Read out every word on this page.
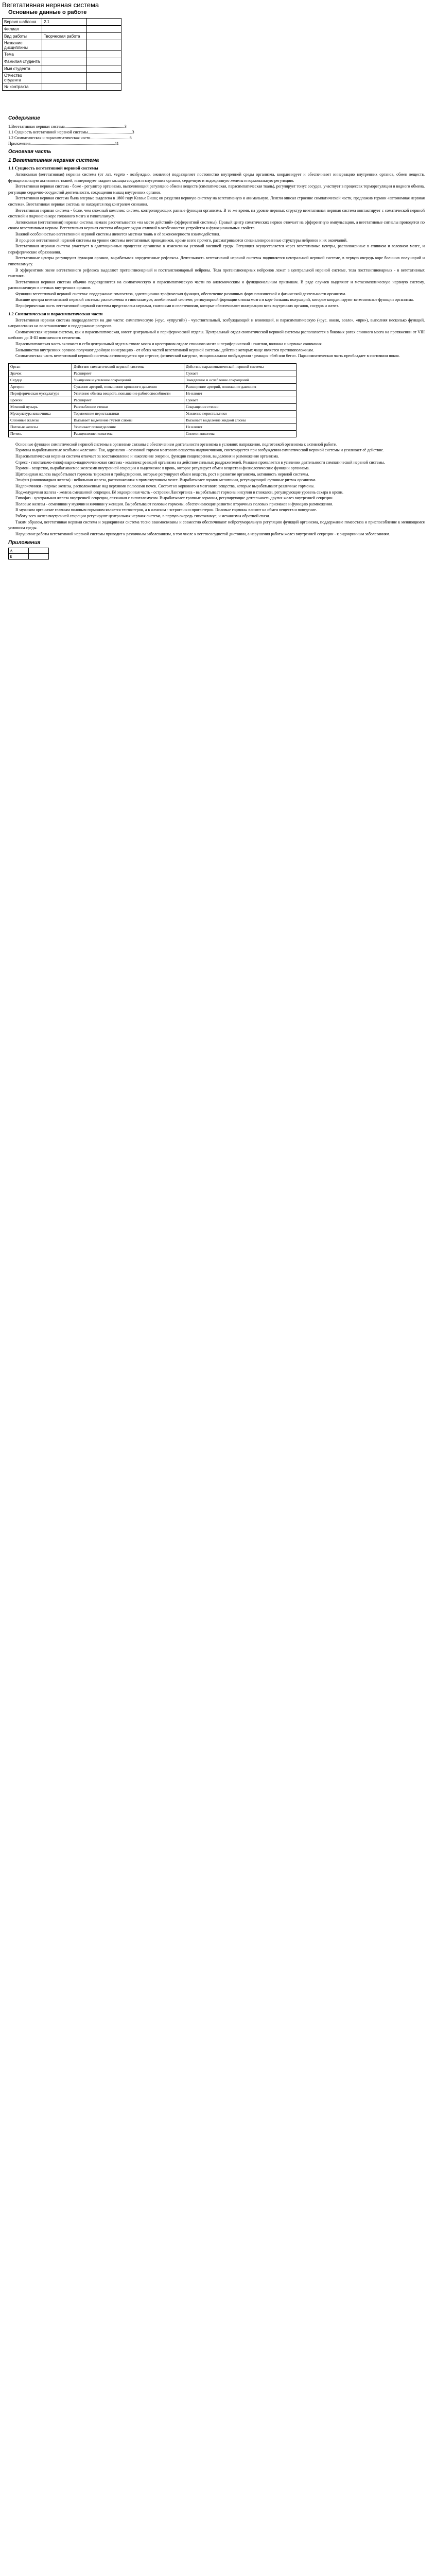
Вегетативная нервная система
Основные данные о работе
Версия шаблона	2.1	
Филиал		
Вид работы	Творческая работа	
Название дисциплины		
Тема		
Фамилия студента		
Имя студента		
Отчество студента		
№ контракта		
Содержание
1.Вегетативная нервная система..........................................................3
1.1 Сущность вегетативной нервной системы...........................................3
1.2 Симпатическая и парасимпатическая части......................................6
Приложения..................................................................................11
Основная часть
1 Вегетативная нервная система
1.1 Сущность вегетативной нервной системы

Автономная (вегетативная) нервная система (от лат. vegeto - возбуждаю, оживляю) подразделяет постоянство внутренней среды организма, координирует и обеспечивает иннервацию внутренних органов, обмен веществ, функциональную активность тканей, иннервирует гладкие мышцы сосудов и внутренних органов, сердечную и эндокринную железы и гормональную регуляцию.

Вегетативная нервная система - боже - регулятор организма, выполняющий регуляцию обмена веществ (симпатическая, парасимпатическая ткань), регулирует тонус сосудов, участвует в процессах терморегуляции и водного обмена, регуляции сердечно-сосудистой деятельности, сокращения мышц внутренних органов.

Вегетативная нервная система была впервые выделена в 1800 году Ксавье Биша; он разделил нервную систему на вегетативную и анимальную. Ленгли описал строение симпатической части, предложив термин «автономная нервная система». Вегетативная нервная система не находится под контролем сознания.

Вегетативная нервная система - боже, чем сложный комплекс систем, контролирующих разные функции организма. В то же время, на уровне нервных структур вегетативная нервная система контактирует с соматической нервной системой и подчинена коре головного мозга и гипоталамусу.

Автономная (вегетативная) нервная система немало рассчитывается «на месте действий» (эфферентной системы). Правый центр соматических нервов отвечает на эфферентную импульсацию, а вегетативные сигналы проводятся по своим вегетативным нервам. Вегетативная нервная система обладает рядом отличий в особенностях устройства и функциональных свойств.

Важной особенностью вегетативной нервной системы является местная ткань и её закономерности взаимодействия.

В процессе вегетативной нервной системы на уровне системы вегетативных проводников, кроме всего прочего, рассматриваются специализированные структуры нейронов и их окончаний.

Вегетативная нервная система участвует в адаптационных процессах организма к изменениям условий внешней среды. Регуляция осуществляется через вегетативные центры, расположенные в спинном и головном мозге, и периферические образования.

Вегетативные центры регулируют функции органов, вырабатывая определенные рефлексы. Деятельность вегетативной нервной системы подчиняется центральной нервной системе, в первую очередь коре больших полушарий и гипоталамусу.

В эфферентном звене вегетативного рефлекса выделяют преганглионарный и постганглионарный нейроны. Тела преганглионарных нейронов лежат в центральной нервной системе, тела постганглионарных - в вегетативных ганглиях.

Вегетативная нервная система обычно подразделяется на симпатическую и парасимпатическую части по анатомическим и функциональным признакам. В ряде случаев выделяют и метасимпатическую нервную систему, расположенную в стенках внутренних органов.

Функции вегетативной нервной системы: поддержание гомеостаза, адаптационно-трофическая функция, обеспечение различных форм психической и физической деятельности организма.

Высшие центры вегетативной нервной системы расположены в гипоталамусе, лимбической системе, ретикулярной формации ствола мозга и коре больших полушарий, которые координируют вегетативные функции организма.

Периферическая часть вегетативной нервной системы представлена нервами, ганглиями и сплетениями, которые обеспечивают иннервацию всех внутренних органов, сосудов и желез.

1.2 Симпатическая и парасимпатическая части

Вегетативная нервная система подразделяется на две части: симпатическую («рус. «упругий») - чувствительный, возбуждающий и влияющий, и парасимпатическую («рус. около, возле», «при»), выполняя несколько функций, направленных на восстановление и поддержание ресурсов.

Симпатическая нервная система, как и парасимпатическая, имеет центральный и периферический отделы. Центральный отдел симпатической нервной системы располагается в боковых рогах спинного мозга на протяжении от VIII шейного до II-III поясничного сегментов.

Парасимпатическая часть включает в себя центральный отдел в стволе мозга и крестцовом отделе спинного мозга и периферический - ганглии, волокна и нервные окончания.

Большинство внутренних органов получают двойную иннервацию - от обеих частей вегетативной нервной системы, действие которых чаще является противоположным.

Симпатическая часть вегетативной нервной системы активизируется при стрессе, физической нагрузке, эмоциональном возбуждении - реакция «бей или беги». Парасимпатическая часть преобладает в состоянии покоя.

Орган	Действие симпатической нервной системы	Действие парасимпатической нервной системы
Зрачок	Расширяет	Сужает
Сердце	Учащение и усиление сокращений	Замедление и ослабление сокращений
Артерии	Сужение артерий, повышение кровяного давления	Расширение артерий, понижение давления
Периферическая мускулатура	Усиление обмена веществ, повышение работоспособности	Не влияет
Бронхи	Расширяет	Сужает
Мочевой пузырь	Расслабление стенки	Сокращение стенки
Мускулатура кишечника	Торможение перистальтики	Усиление перистальтики
Слюнные железы	Вызывает выделение густой слюны	Вызывает выделение жидкой слюны
Потовые железы	Усиливает потоотделение	Не влияет
Печень	Расщепление гликогена	Синтез гликогена

Основные функции симпатической нервной системы в организме связаны с обеспечением деятельности организма в условиях напряжения, подготовкой организма к активной работе.

Гормоны вырабатываемые особыми железами. Так, адреналин - основной гормон мозгового вещества надпочечников, синтезируется при возбуждении симпатической нервной системы и усиливает её действие.

Парасимпатическая нервная система отвечает за восстановление и накопление энергии, функции пищеварения, выделения и размножения организма.

Стресс - гипоталамо-гипофизарно-надпочечниковая система - комплекс реакций организма на действие сильных раздражителей. Реакция проявляется в усилении деятельности симпатической нервной системы.

Гормон - вещество, вырабатываемое железами внутренней секреции и выделяемое в кровь, которое регулирует обмен веществ и физиологические функции организма.

Щитовидная железа вырабатывает гормоны тироксин и трийодтиронин, которые регулируют обмен веществ, рост и развитие организма, активность нервной системы.

Эпифиз (шишковидная железа) - небольшая железа, расположенная в промежуточном мозге. Вырабатывает гормон мелатонин, регулирующий суточные ритмы организма.

Надпочечники - парные железы, расположенные над верхними полюсами почек. Состоят из коркового и мозгового вещества, которые вырабатывают различные гормоны.

Поджелудочная железа - железа смешанной секреции. Её эндокринная часть - островки Лангерганса - вырабатывает гормоны инсулин и глюкагон, регулирующие уровень сахара в крови.

Гипофиз - центральная железа внутренней секреции, связанная с гипоталамусом. Вырабатывает тропные гормоны, регулирующие деятельность других желез внутренней секреции.

Половые железы - семенники у мужчин и яичники у женщин. Вырабатывают половые гормоны, обеспечивающие развитие вторичных половых признаков и функцию размножения.

В мужском организме главным половым гормоном является тестостерон, а в женском - эстрогены и прогестерон. Половые гормоны влияют на обмен веществ и поведение.

Работу всех желез внутренней секреции регулируют центральная нервная система, в первую очередь гипоталамус, и механизмы обратной связи.

Таким образом, вегетативная нервная система и эндокринная система тесно взаимосвязаны и совместно обеспечивают нейрогуморальную регуляцию функций организма, поддержание гомеостаза и приспособление к меняющимся условиям среды.

Нарушение работы вегетативной нервной системы приводит к различным заболеваниям, в том числе к вегетососудистой дистонии, а нарушения работы желез внутренней секреции - к эндокринным заболеваниям.

Приложения
А	
Б	
